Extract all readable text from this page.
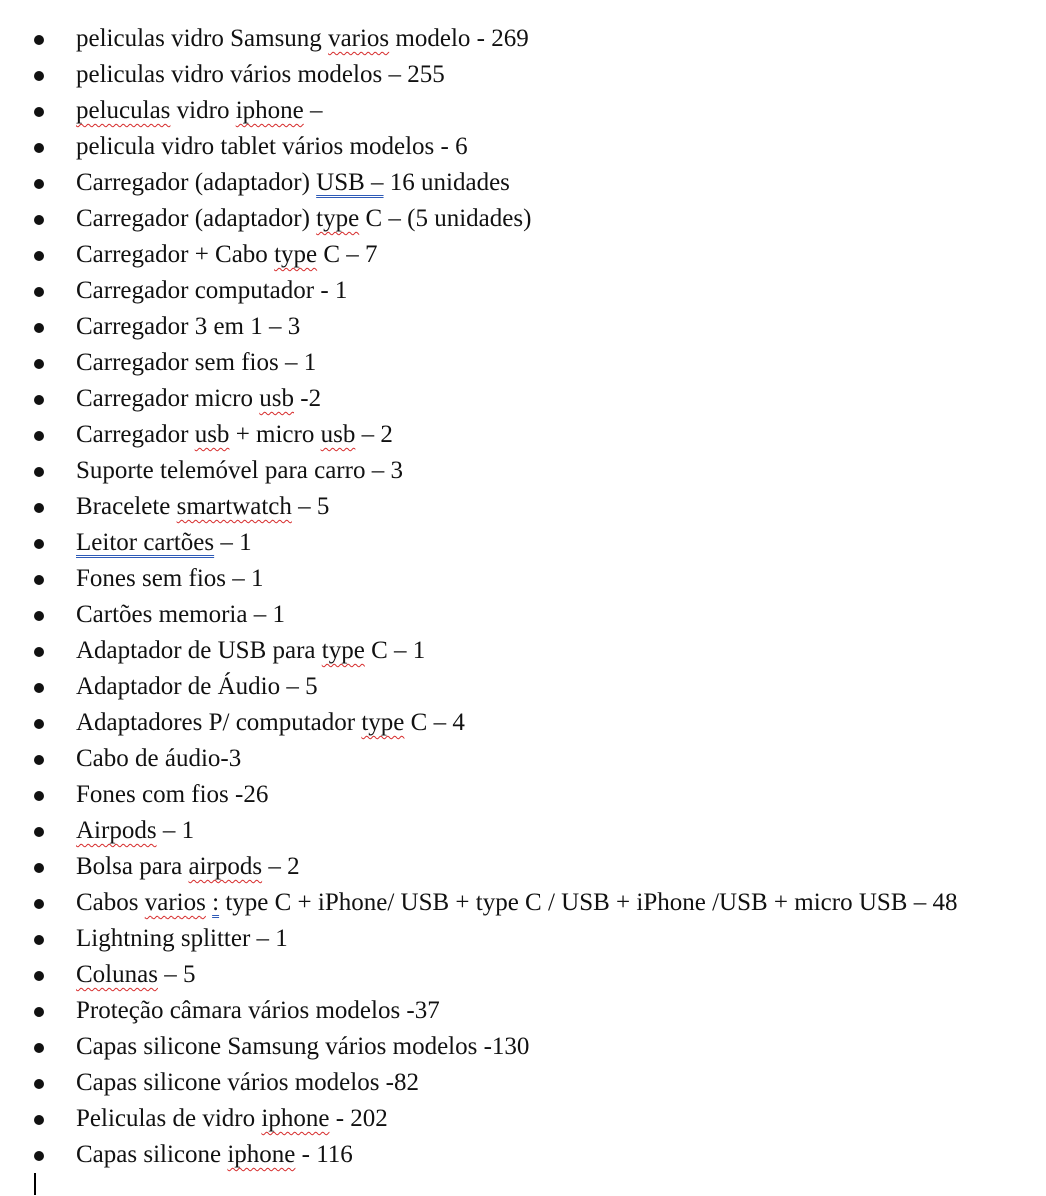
peliculas vidro Samsung varios modelo - 269
peliculas vidro vários modelos – 255
peluculas vidro iphone –
pelicula vidro tablet vários modelos - 6
Carregador (adaptador) USB – 16 unidades
Carregador (adaptador) type C – (5 unidades)
Carregador + Cabo type C – 7
Carregador computador - 1
Carregador 3 em 1 – 3
Carregador sem fios – 1
Carregador micro usb -2
Carregador usb + micro usb – 2
Suporte telemóvel para carro – 3
Bracelete smartwatch – 5
Leitor cartões – 1
Fones sem fios – 1
Cartões memoria – 1
Adaptador de USB para type C – 1
Adaptador de Áudio – 5
Adaptadores P/ computador type C – 4
Cabo de áudio-3
Fones com fios -26
Airpods – 1
Bolsa para airpods – 2
Cabos varios : type C + iPhone/ USB + type C / USB + iPhone /USB + micro USB – 48
Lightning splitter – 1
Colunas – 5
Proteção câmara vários modelos -37
Capas silicone Samsung vários modelos -130
Capas silicone vários modelos -82
Peliculas de vidro iphone - 202
Capas silicone iphone - 116
